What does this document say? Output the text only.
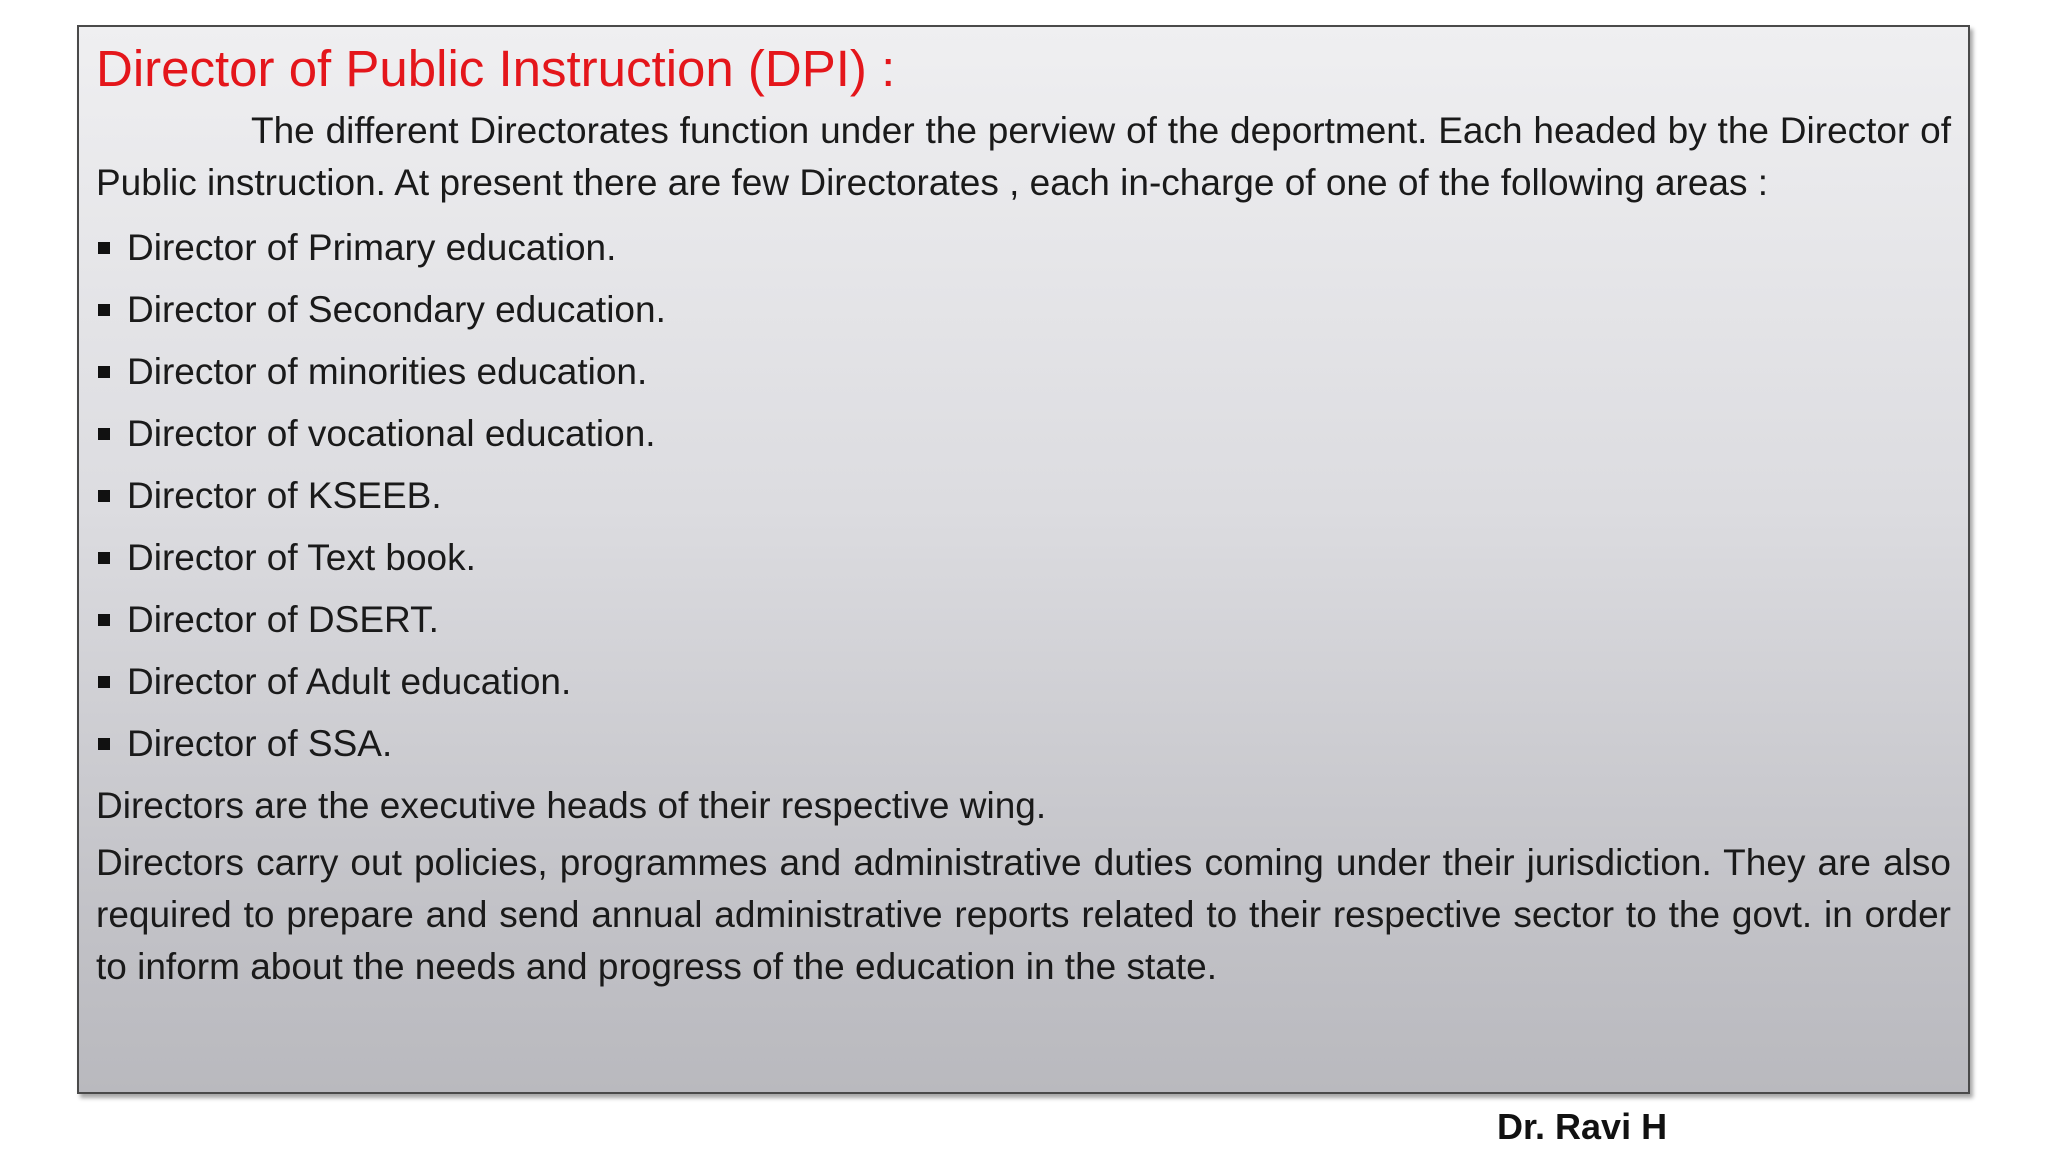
Director of Public Instruction (DPI) :

The different Directorates function under the perview of the deportment. Each headed by the Director of Public instruction. At present there are few Directorates , each in-charge of one of the following areas :

Director of Primary education.
Director of Secondary education.
Director of minorities education.
Director of vocational education.
Director of KSEEB.
Director of Text book.
Director of DSERT.
Director of Adult education.
Director of SSA.

Directors are the executive heads of their respective wing.

Directors carry out policies, programmes and administrative duties coming under their jurisdiction. They are also required to prepare and send annual administrative reports related to their respective sector to the govt. in order to inform about the needs and progress of the education in the state.

Dr. Ravi H
